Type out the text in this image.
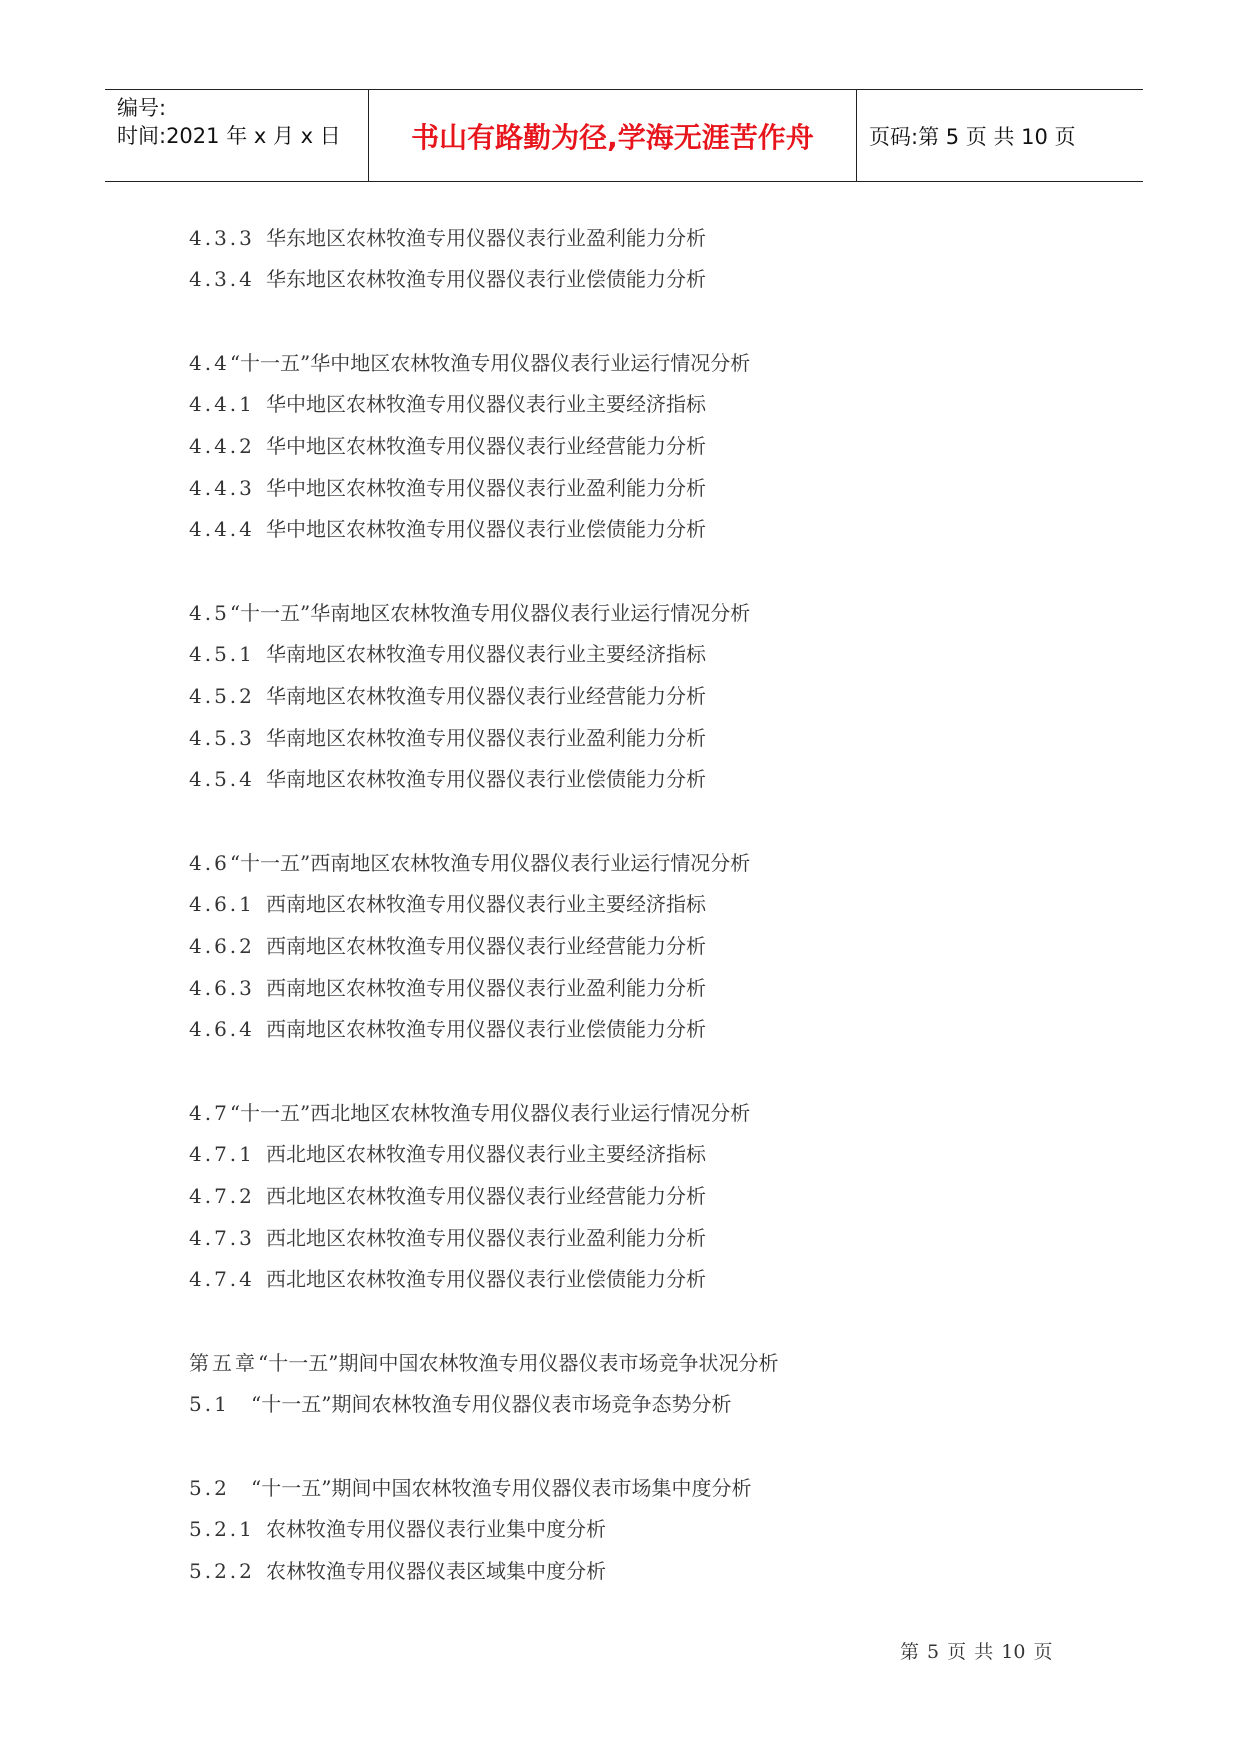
编号:
时间:2021 年 x 月 x 日	书山有路勤为径,学海无涯苦作舟	页码:第 5 页 共 10 页
4.3.3 华东地区农林牧渔专用仪器仪表行业盈利能力分析
4.3.4 华东地区农林牧渔专用仪器仪表行业偿债能力分析
4.4“十一五”华中地区农林牧渔专用仪器仪表行业运行情况分析
4.4.1 华中地区农林牧渔专用仪器仪表行业主要经济指标
4.4.2 华中地区农林牧渔专用仪器仪表行业经营能力分析
4.4.3 华中地区农林牧渔专用仪器仪表行业盈利能力分析
4.4.4 华中地区农林牧渔专用仪器仪表行业偿债能力分析
4.5“十一五”华南地区农林牧渔专用仪器仪表行业运行情况分析
4.5.1 华南地区农林牧渔专用仪器仪表行业主要经济指标
4.5.2 华南地区农林牧渔专用仪器仪表行业经营能力分析
4.5.3 华南地区农林牧渔专用仪器仪表行业盈利能力分析
4.5.4 华南地区农林牧渔专用仪器仪表行业偿债能力分析
4.6“十一五”西南地区农林牧渔专用仪器仪表行业运行情况分析
4.6.1 西南地区农林牧渔专用仪器仪表行业主要经济指标
4.6.2 西南地区农林牧渔专用仪器仪表行业经营能力分析
4.6.3 西南地区农林牧渔专用仪器仪表行业盈利能力分析
4.6.4 西南地区农林牧渔专用仪器仪表行业偿债能力分析
4.7“十一五”西北地区农林牧渔专用仪器仪表行业运行情况分析
4.7.1 西北地区农林牧渔专用仪器仪表行业主要经济指标
4.7.2 西北地区农林牧渔专用仪器仪表行业经营能力分析
4.7.3 西北地区农林牧渔专用仪器仪表行业盈利能力分析
4.7.4 西北地区农林牧渔专用仪器仪表行业偿债能力分析
第五章“十一五”期间中国农林牧渔专用仪器仪表市场竞争状况分析
5.1 “十一五”期间农林牧渔专用仪器仪表市场竞争态势分析
5.2 “十一五”期间中国农林牧渔专用仪器仪表市场集中度分析
5.2.1 农林牧渔专用仪器仪表行业集中度分析
5.2.2 农林牧渔专用仪器仪表区域集中度分析
第 5 页 共 10 页
